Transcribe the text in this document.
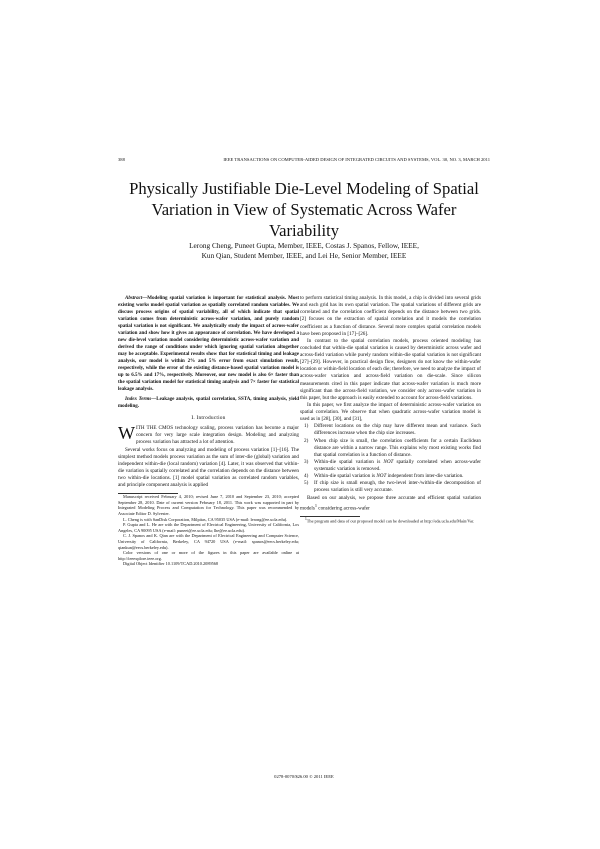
388	IEEE TRANSACTIONS ON COMPUTER-AIDED DESIGN OF INTEGRATED CIRCUITS AND SYSTEMS, VOL. 30, NO. 3, MARCH 2011
Physically Justifiable Die-Level Modeling of Spatial Variation in View of Systematic Across Wafer Variability
Lerong Cheng, Puneet Gupta, Member, IEEE, Costas J. Spanos, Fellow, IEEE,
Kun Qian, Student Member, IEEE, and Lei He, Senior Member, IEEE

Abstract—Modeling spatial variation is important for statistical analysis. Most existing works model spatial variation as spatially correlated random variables. We discuss process origins of spatial variability, all of which indicate that spatial variation comes from deterministic across-wafer variation, and purely random spatial variation is not significant. We analytically study the impact of across-wafer variation and show how it gives an appearance of correlation. We have developed a new die-level variation model considering deterministic across-wafer variation and derived the range of conditions under which ignoring spatial variation altogether may be acceptable. Experimental results show that for statistical timing and leakage analysis, our model is within 2% and 5% error from exact simulation result, respectively, while the error of the existing distance-based spatial variation model is up to 6.5% and 17%, respectively. Moreover, our new model is also 6× faster than the spatial variation model for statistical timing analysis and 7× faster for statistical leakage analysis.

Index Terms—Leakage analysis, spatial correlation, SSTA, timing analysis, yield modeling.

I. Introduction

WITH THE CMOS technology scaling, process variation has become a major concern for very large scale integration design. Modeling and analyzing process variation has attracted a lot of attention.

Several works focus on analyzing and modeling of process variation [1]–[16]. The simplest method models process variation as the sum of inter-die (global) variation and independent within-die (local random) variation [4]. Later, it was observed that within-die variation is spatially correlated and the correlation depends on the distance between two within-die locations. [1] model spatial variation as correlated random variables, and principle component analysis is applied

Manuscript received February 4, 2010; revised June 7, 2010 and September 23, 2010; accepted September 28, 2010. Date of current version February 18, 2011. This work was supported in part by Integrated Modeling Process and Computation for Technology. This paper was recommended by Associate Editor D. Sylvester.

L. Cheng is with SanDisk Corporation, Milpitas, CA 95035 USA (e-mail: lerong@ee.ucla.edu).

P. Gupta and L. He are with the Department of Electrical Engineering, University of California, Los Angeles, CA 90095 USA (e-mail: puneet@ee.ucla.edu; lhe@ee.ucla.edu).

C. J. Spanos and K. Qian are with the Department of Electrical Engineering and Computer Science, University of California, Berkeley, CA 94720 USA (e-mail: spanos@eecs.berkeley.edu; qiankun@eecs.berkeley.edu).

Color versions of one or more of the figures in this paper are available online at http://ieeexplore.ieee.org.

Digital Object Identifier 10.1109/TCAD.2010.2089568

to perform statistical timing analysis. In this model, a chip is divided into several grids and each grid has its own spatial variation. The spatial variations of different grids are correlated and the correlation coefficient depends on the distance between two grids. [2] focuses on the extraction of spatial correlation and it models the correlation coefficient as a function of distance. Several more complex spatial correlation models have been proposed in [17]–[26].

In contrast to the spatial correlation models, process oriented modeling has concluded that within-die spatial variation is caused by deterministic across wafer and across-field variation while purely random within-die spatial variation is not significant [27]–[29]. However, in practical design flow, designers do not know the within-wafer location or within-field location of each die; therefore, we need to analyze the impact of across-wafer variation and across-field variation on die-scale. Since silicon measurements cited in this paper indicate that across-wafer variation is much more significant than the across-field variation, we consider only across-wafer variation in this paper, but the approach is easily extended to account for across-field variations.

In this paper, we first analyze the impact of deterministic across-wafer variation on spatial correlation. We observe that when quadratic across-wafer variation model is used as in [28], [30], and [31],

1) Different locations on the chip may have different mean and variance. Such differences increase when the chip size increases.
2) When chip size is small, the correlation coefficients for a certain Euclidean distance are within a narrow range. This explains why most existing works find that spatial correlation is a function of distance.
3) Within-die spatial variation is NOT spatially correlated when across-wafer systematic variation is removed.
4) Within-die spatial variation is NOT independent from inter-die variation.
5) If chip size is small enough, the two-level inter-/within-die decomposition of process variation is still very accurate.

Based on our analysis, we propose three accurate and efficient spatial variation models$^1$ considering across-wafer

$^1$The program and data of our proposed model can be downloaded at http://eda.ucla.edu/Main/Var.

0278-0070/$26.00 © 2011 IEEE
